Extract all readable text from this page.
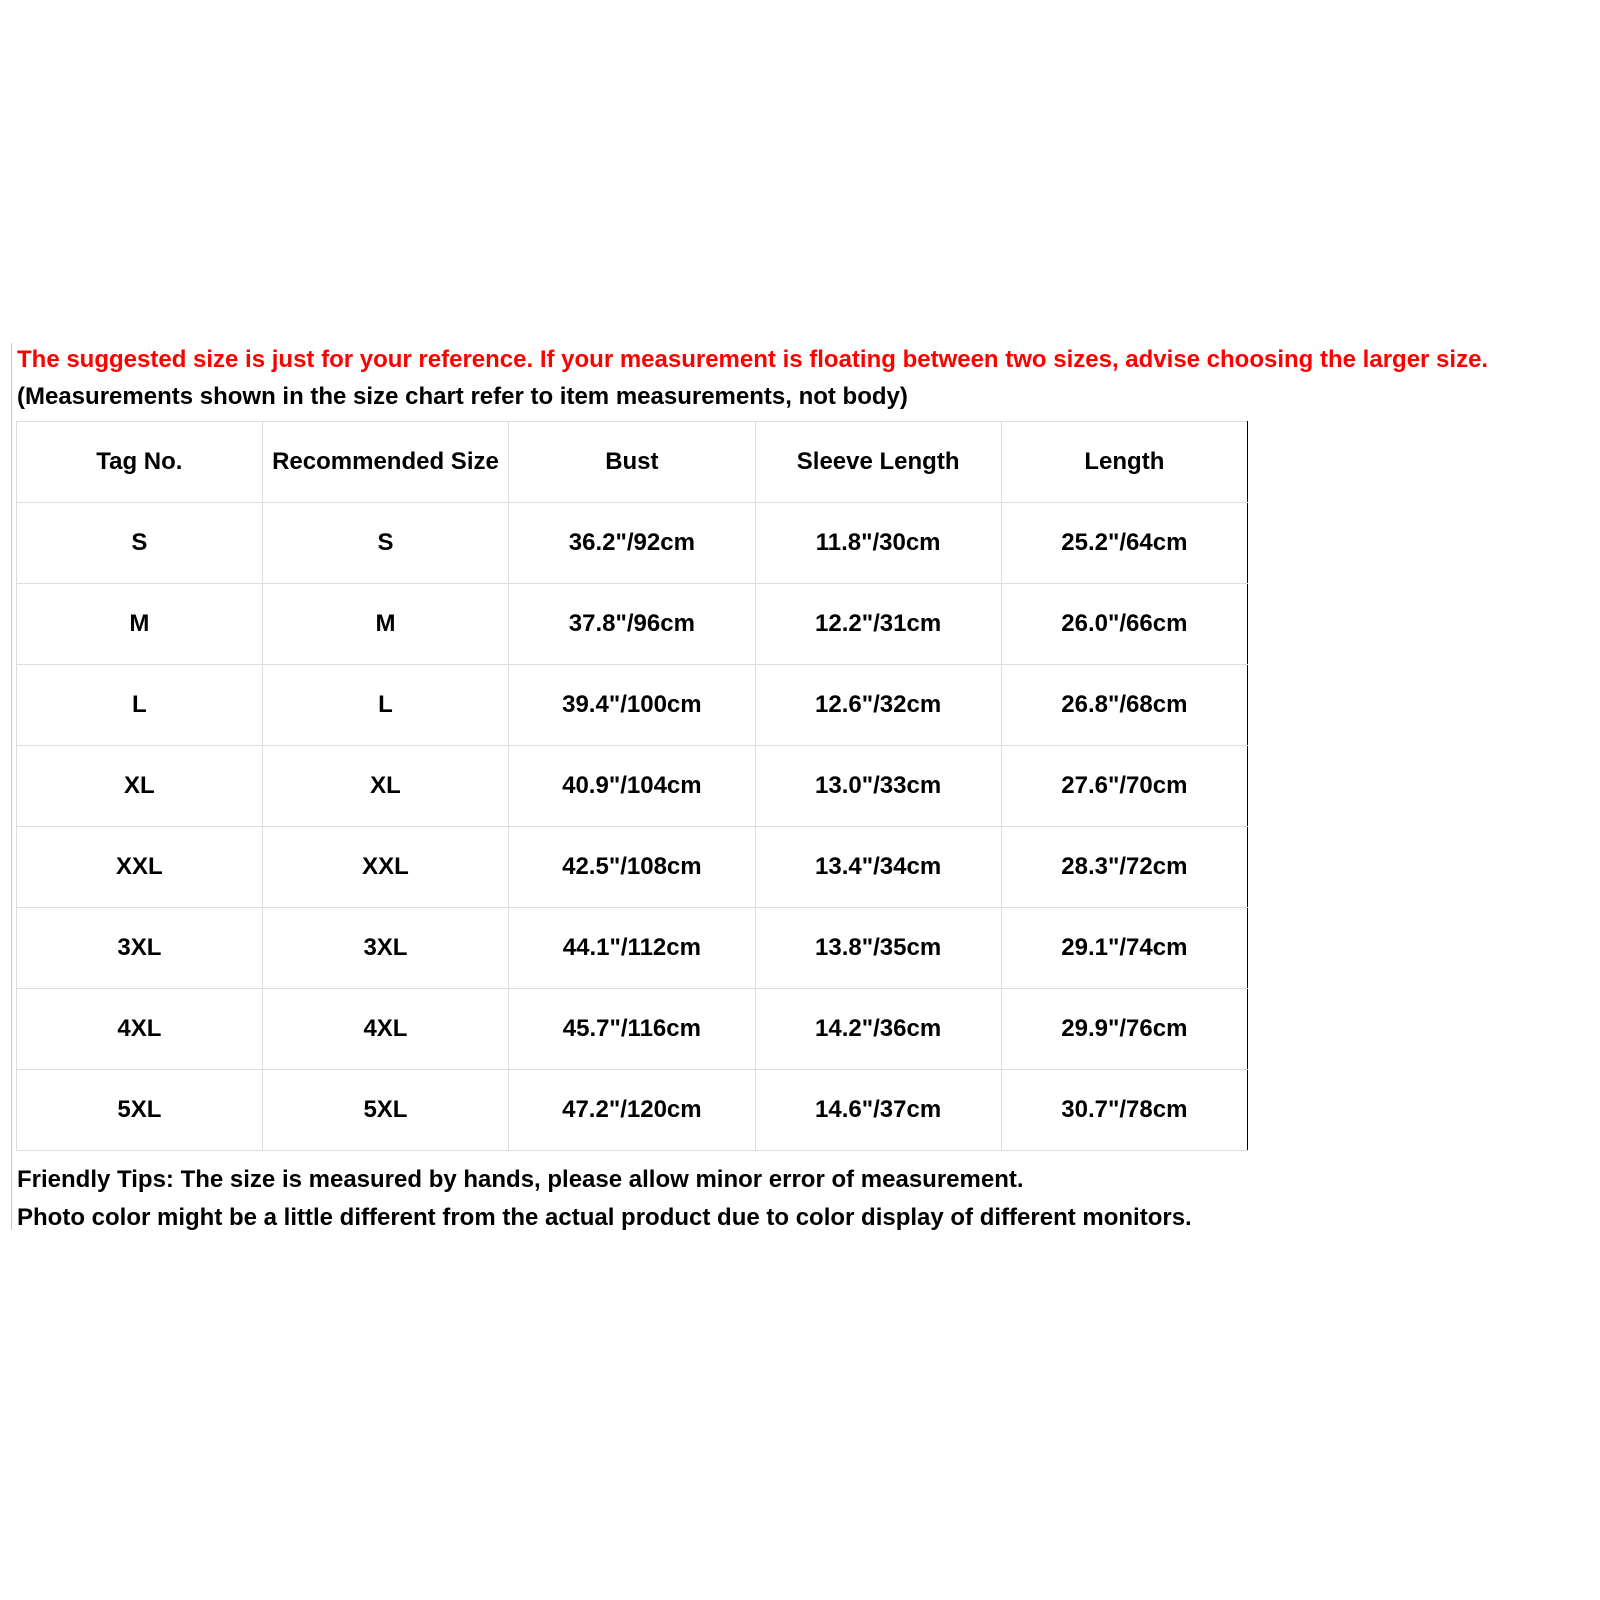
The suggested size is just for your reference. If your measurement is floating between two sizes, advise choosing the larger size.
(Measurements shown in the size chart refer to item measurements, not body)
Tag No.	Recommended Size	Bust	Sleeve Length	Length
S	S	36.2"/92cm	11.8"/30cm	25.2"/64cm
M	M	37.8"/96cm	12.2"/31cm	26.0"/66cm
L	L	39.4"/100cm	12.6"/32cm	26.8"/68cm
XL	XL	40.9"/104cm	13.0"/33cm	27.6"/70cm
XXL	XXL	42.5"/108cm	13.4"/34cm	28.3"/72cm
3XL	3XL	44.1"/112cm	13.8"/35cm	29.1"/74cm
4XL	4XL	45.7"/116cm	14.2"/36cm	29.9"/76cm
5XL	5XL	47.2"/120cm	14.6"/37cm	30.7"/78cm
Friendly Tips: The size is measured by hands, please allow minor error of measurement.
Photo color might be a little different from the actual product due to color display of different monitors.
